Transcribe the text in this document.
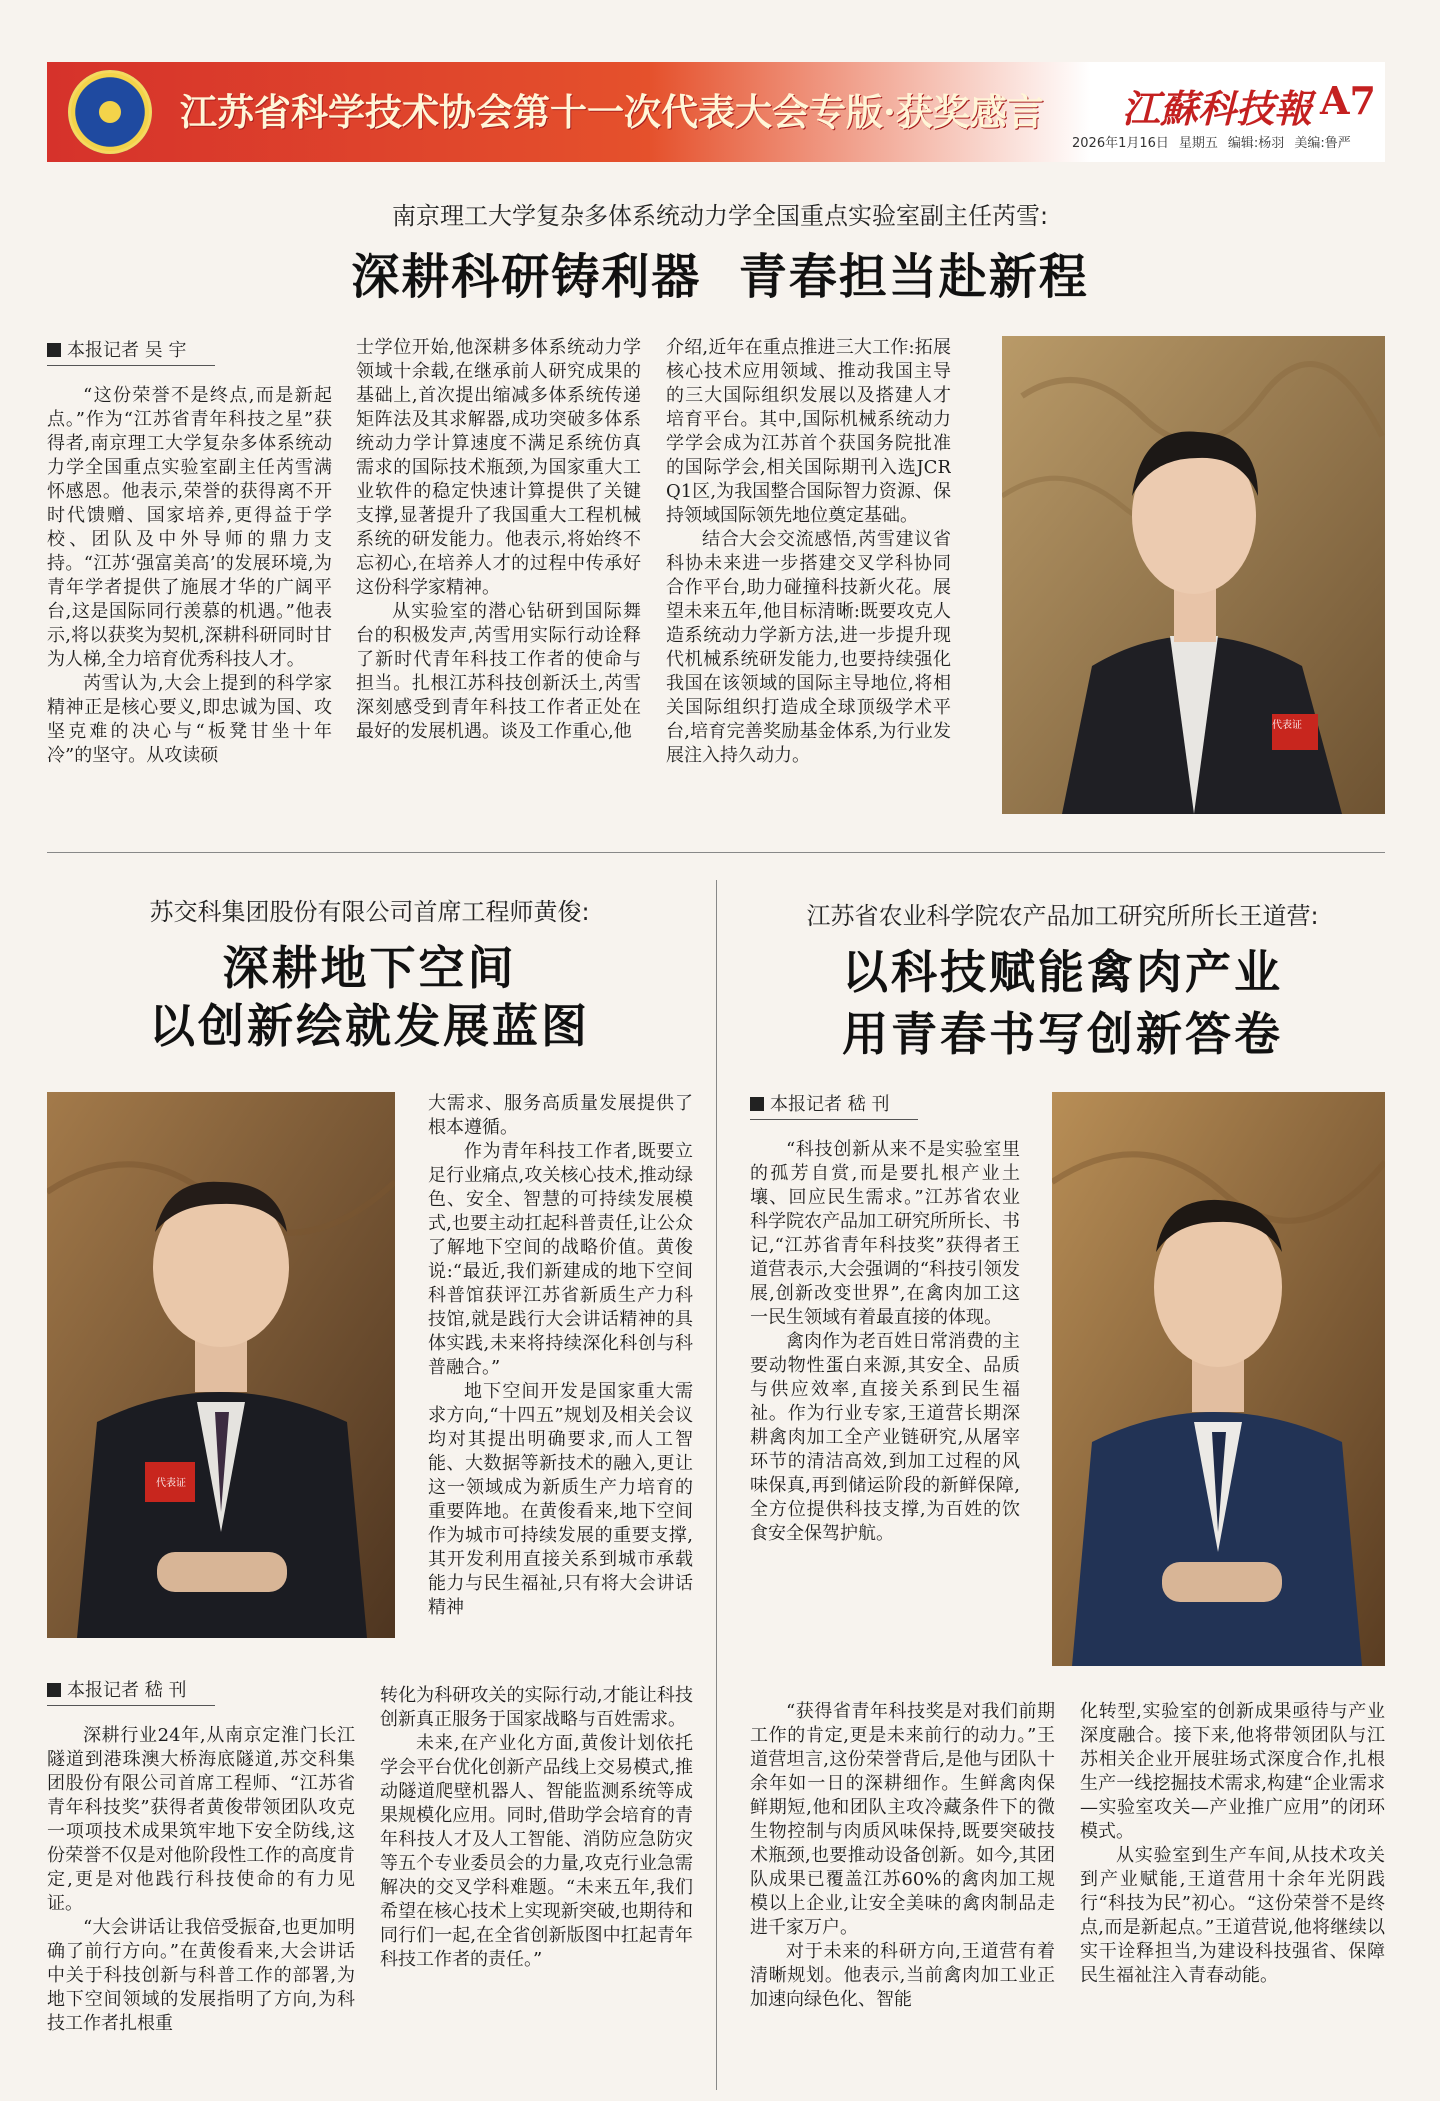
江苏省科学技术协会第十一次代表大会专版·获奖感言 江蘇科技報 A7
2026年1月16日 星期五 编辑:杨羽 美编:鲁严
南京理工大学复杂多体系统动力学全国重点实验室副主任芮雪:
深耕科研铸利器  青春担当赴新程
本报记者 吴 宇

“这份荣誉不是终点,而是新起点。”作为“江苏省青年科技之星”获得者,南京理工大学复杂多体系统动力学全国重点实验室副主任芮雪满怀感恩。他表示,荣誉的获得离不开时代馈赠、国家培养,更得益于学校、团队及中外导师的鼎力支持。“江苏‘强富美高’的发展环境,为青年学者提供了施展才华的广阔平台,这是国际同行羡慕的机遇。”他表示,将以获奖为契机,深耕科研同时甘为人梯,全力培育优秀科技人才。

芮雪认为,大会上提到的科学家精神正是核心要义,即忠诚为国、攻坚克难的决心与“板凳甘坐十年冷”的坚守。从攻读硕

士学位开始,他深耕多体系统动力学领域十余载,在继承前人研究成果的基础上,首次提出缩减多体系统传递矩阵法及其求解器,成功突破多体系统动力学计算速度不满足系统仿真需求的国际技术瓶颈,为国家重大工业软件的稳定快速计算提供了关键支撑,显著提升了我国重大工程机械系统的研发能力。他表示,将始终不忘初心,在培养人才的过程中传承好这份科学家精神。

从实验室的潜心钻研到国际舞台的积极发声,芮雪用实际行动诠释了新时代青年科技工作者的使命与担当。扎根江苏科技创新沃土,芮雪深刻感受到青年科技工作者正处在最好的发展机遇。谈及工作重心,他

介绍,近年在重点推进三大工作:拓展核心技术应用领域、推动我国主导的三大国际组织发展以及搭建人才培育平台。其中,国际机械系统动力学学会成为江苏首个获国务院批准的国际学会,相关国际期刊入选JCR Q1区,为我国整合国际智力资源、保持领域国际领先地位奠定基础。

结合大会交流感悟,芮雪建议省科协未来进一步搭建交叉学科协同合作平台,助力碰撞科技新火花。展望未来五年,他目标清晰:既要攻克人造系统动力学新方法,进一步提升现代机械系统研发能力,也要持续强化我国在该领域的国际主导地位,将相关国际组织打造成全球顶级学术平台,培育完善奖励基金体系,为行业发展注入持久动力。

代表证
苏交科集团股份有限公司首席工程师黄俊:
深耕地下空间
以创新绘就发展蓝图
代表证

大需求、服务高质量发展提供了根本遵循。

作为青年科技工作者,既要立足行业痛点,攻关核心技术,推动绿色、安全、智慧的可持续发展模式,也要主动扛起科普责任,让公众了解地下空间的战略价值。黄俊说:“最近,我们新建成的地下空间科普馆获评江苏省新质生产力科技馆,就是践行大会讲话精神的具体实践,未来将持续深化科创与科普融合。”

地下空间开发是国家重大需求方向,“十四五”规划及相关会议均对其提出明确要求,而人工智能、大数据等新技术的融入,更让这一领域成为新质生产力培育的重要阵地。在黄俊看来,地下空间作为城市可持续发展的重要支撑,其开发利用直接关系到城市承载能力与民生福祉,只有将大会讲话精神

本报记者 嵇 刊

深耕行业24年,从南京定淮门长江隧道到港珠澳大桥海底隧道,苏交科集团股份有限公司首席工程师、“江苏省青年科技奖”获得者黄俊带领团队攻克一项项技术成果筑牢地下安全防线,这份荣誉不仅是对他阶段性工作的高度肯定,更是对他践行科技使命的有力见证。

“大会讲话让我倍受振奋,也更加明确了前行方向。”在黄俊看来,大会讲话中关于科技创新与科普工作的部署,为地下空间领域的发展指明了方向,为科技工作者扎根重

转化为科研攻关的实际行动,才能让科技创新真正服务于国家战略与百姓需求。

未来,在产业化方面,黄俊计划依托学会平台优化创新产品线上交易模式,推动隧道爬壁机器人、智能监测系统等成果规模化应用。同时,借助学会培育的青年科技人才及人工智能、消防应急防灾等五个专业委员会的力量,攻克行业急需解决的交叉学科难题。“未来五年,我们希望在核心技术上实现新突破,也期待和同行们一起,在全省创新版图中扛起青年科技工作者的责任。”

江苏省农业科学院农产品加工研究所所长王道营:
以科技赋能禽肉产业
用青春书写创新答卷
本报记者 嵇 刊

“科技创新从来不是实验室里的孤芳自赏,而是要扎根产业土壤、回应民生需求。”江苏省农业科学院农产品加工研究所所长、书记,“江苏省青年科技奖”获得者王道营表示,大会强调的“科技引领发展,创新改变世界”,在禽肉加工这一民生领域有着最直接的体现。

禽肉作为老百姓日常消费的主要动物性蛋白来源,其安全、品质与供应效率,直接关系到民生福祉。作为行业专家,王道营长期深耕禽肉加工全产业链研究,从屠宰环节的清洁高效,到加工过程的风味保真,再到储运阶段的新鲜保障,全方位提供科技支撑,为百姓的饮食安全保驾护航。

“获得省青年科技奖是对我们前期工作的肯定,更是未来前行的动力。”王道营坦言,这份荣誉背后,是他与团队十余年如一日的深耕细作。生鲜禽肉保鲜期短,他和团队主攻冷藏条件下的微生物控制与肉质风味保持,既要突破技术瓶颈,也要推动设备创新。如今,其团队成果已覆盖江苏60%的禽肉加工规模以上企业,让安全美味的禽肉制品走进千家万户。

对于未来的科研方向,王道营有着清晰规划。他表示,当前禽肉加工业正加速向绿色化、智能

化转型,实验室的创新成果亟待与产业深度融合。接下来,他将带领团队与江苏相关企业开展驻场式深度合作,扎根生产一线挖掘技术需求,构建“企业需求—实验室攻关—产业推广应用”的闭环模式。

从实验室到生产车间,从技术攻关到产业赋能,王道营用十余年光阴践行“科技为民”初心。“这份荣誉不是终点,而是新起点。”王道营说,他将继续以实干诠释担当,为建设科技强省、保障民生福祉注入青春动能。
